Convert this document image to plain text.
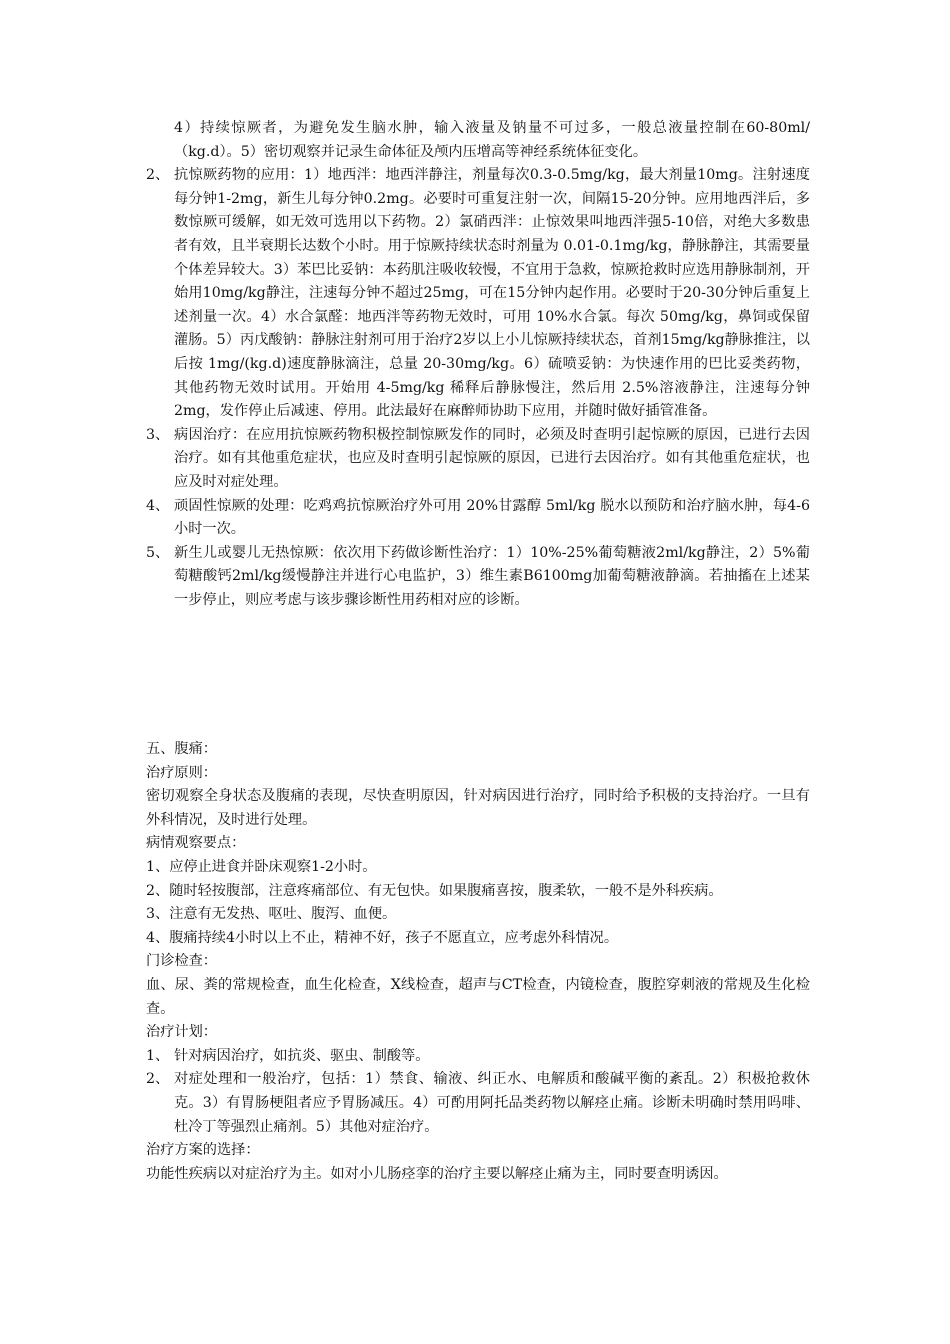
4）持续惊厥者，为避免发生脑水肿，输入液量及钠量不可过多，一般总液量控制在60-80ml/（kg.d）。5）密切观察并记录生命体征及颅内压增高等神经系统体征变化。
2、 抗惊厥药物的应用：1）地西泮：地西泮静注，剂量每次0.3-0.5mg/kg，最大剂量10mg。注射速度每分钟1-2mg，新生儿每分钟0.2mg。必要时可重复注射一次，间隔15-20分钟。应用地西泮后，多数惊厥可缓解，如无效可选用以下药物。2）氯硝西泮：止惊效果叫地西泮强5-10倍，对绝大多数患者有效，且半衰期长达数个小时。用于惊厥持续状态时剂量为 0.01-0.1mg/kg，静脉静注，其需要量个体差异较大。3）苯巴比妥钠：本药肌注吸收较慢，不宜用于急救，惊厥抢救时应选用静脉制剂，开始用10mg/kg静注，注速每分钟不超过25mg，可在15分钟内起作用。必要时于20-30分钟后重复上述剂量一次。4）水合氯醛：地西泮等药物无效时，可用 10%水合氯。每次 50mg/kg，鼻饲或保留灌肠。5）丙戊酸钠：静脉注射剂可用于治疗2岁以上小儿惊厥持续状态，首剂15mg/kg静脉推注，以后按 1mg/(kg.d)速度静脉滴注，总量 20-30mg/kg。6）硫喷妥钠：为快速作用的巴比妥类药物，其他药物无效时试用。开始用 4-5mg/kg 稀释后静脉慢注，然后用 2.5%溶液静注，注速每分钟 2mg，发作停止后减速、停用。此法最好在麻醉师协助下应用，并随时做好插管准备。
3、 病因治疗：在应用抗惊厥药物积极控制惊厥发作的同时，必须及时查明引起惊厥的原因，已进行去因治疗。如有其他重危症状，也应及时查明引起惊厥的原因，已进行去因治疗。如有其他重危症状，也应及时对症处理。
4、 顽固性惊厥的处理：吃鸡鸡抗惊厥治疗外可用 20%甘露醇 5ml/kg 脱水以预防和治疗脑水肿，每4-6小时一次。
5、 新生儿或婴儿无热惊厥：依次用下药做诊断性治疗：1）10%-25%葡萄糖液2ml/kg静注，2）5%葡萄糖酸钙2ml/kg缓慢静注并进行心电监护，3）维生素B6100mg加葡萄糖液静滴。若抽搐在上述某一步停止，则应考虑与该步骤诊断性用药相对应的诊断。
五、腹痛：
治疗原则：
密切观察全身状态及腹痛的表现，尽快查明原因，针对病因进行治疗，同时给予积极的支持治疗。一旦有外科情况，及时进行处理。
病情观察要点：
1、应停止进食并卧床观察1-2小时。
2、随时轻按腹部，注意疼痛部位、有无包快。如果腹痛喜按，腹柔软，一般不是外科疾病。
3、注意有无发热、呕吐、腹泻、血便。
4、腹痛持续4小时以上不止，精神不好，孩子不愿直立，应考虑外科情况。
门诊检查：
血、尿、粪的常规检查，血生化检查，X线检查，超声与CT检查，内镜检查，腹腔穿刺液的常规及生化检查。
治疗计划：
1、 针对病因治疗，如抗炎、驱虫、制酸等。
2、 对症处理和一般治疗，包括：1）禁食、输液、纠正水、电解质和酸碱平衡的紊乱。2）积极抢救休克。3）有胃肠梗阻者应予胃肠减压。4）可酌用阿托品类药物以解痉止痛。诊断未明确时禁用吗啡、杜冷丁等强烈止痛剂。5）其他对症治疗。
治疗方案的选择：
功能性疾病以对症治疗为主。如对小儿肠痉挛的治疗主要以解痉止痛为主，同时要查明诱因。
